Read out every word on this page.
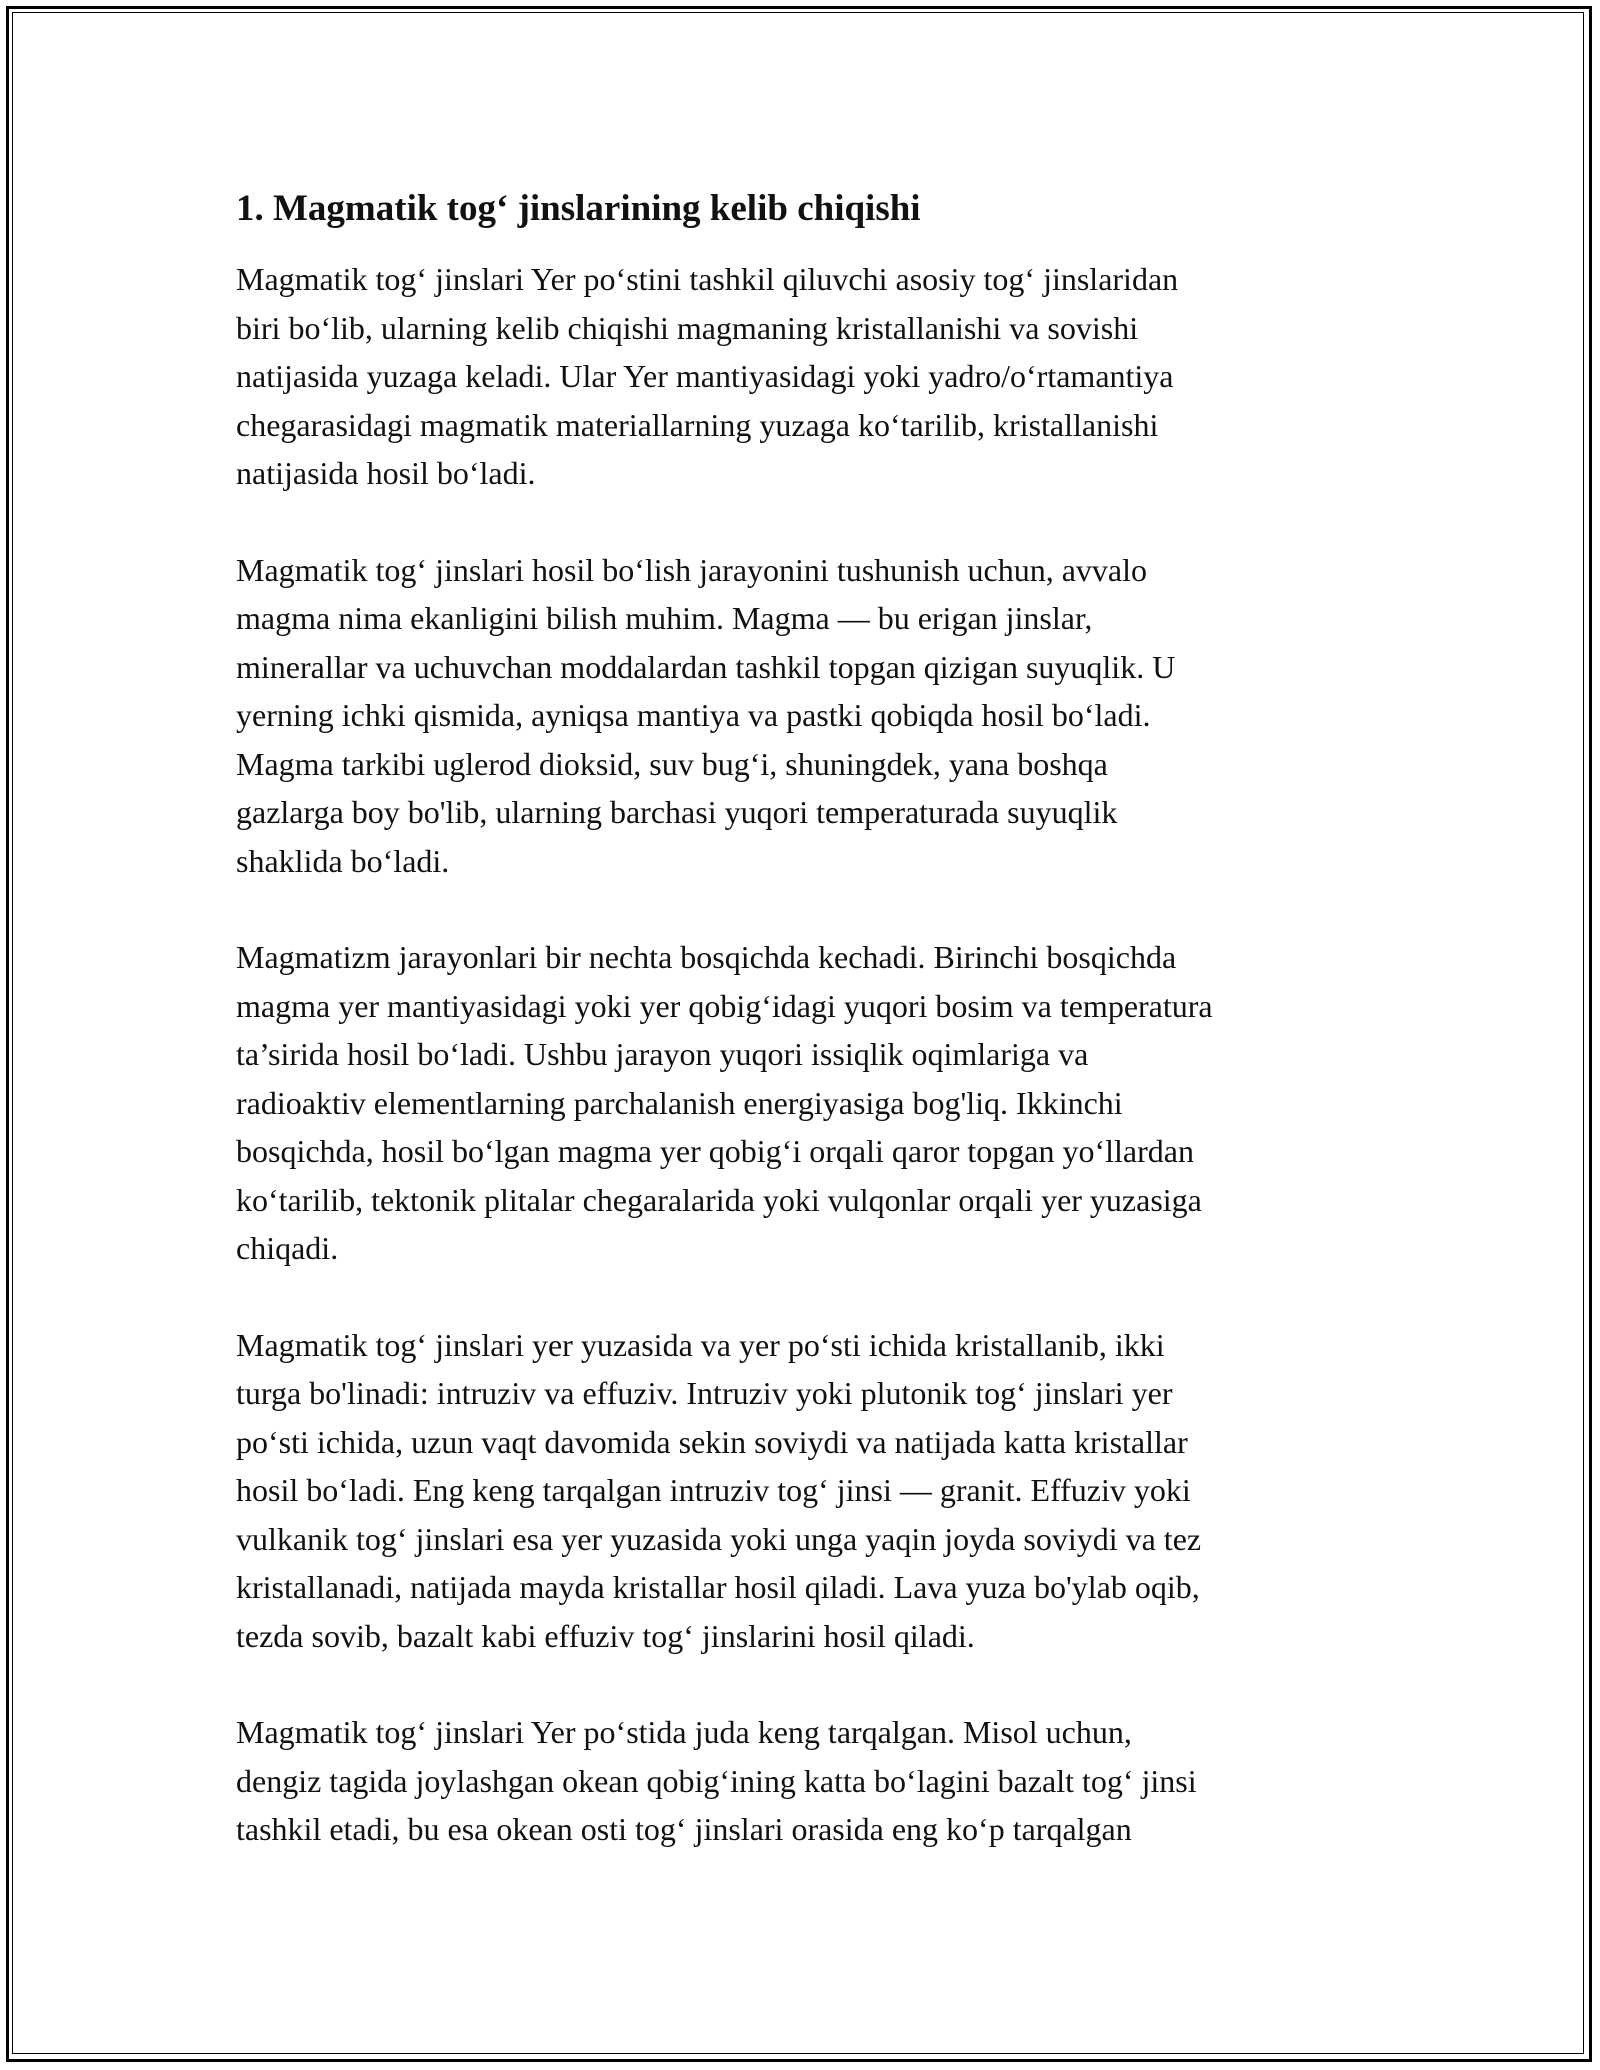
1. Magmatik tog‘ jinslarining kelib chiqishi
Magmatik tog‘ jinslari Yer po‘stini tashkil qiluvchi asosiy tog‘ jinslaridan
biri bo‘lib, ularning kelib chiqishi magmaning kristallanishi va sovishi
natijasida yuzaga keladi. Ular Yer mantiyasidagi yoki yadro/o‘rtamantiya
chegarasidagi magmatik materiallarning yuzaga ko‘tarilib, kristallanishi
natijasida hosil bo‘ladi.
Magmatik tog‘ jinslari hosil bo‘lish jarayonini tushunish uchun, avvalo
magma nima ekanligini bilish muhim. Magma — bu erigan jinslar,
minerallar va uchuvchan moddalardan tashkil topgan qizigan suyuqlik. U
yerning ichki qismida, ayniqsa mantiya va pastki qobiqda hosil bo‘ladi.
Magma tarkibi uglerod dioksid, suv bug‘i, shuningdek, yana boshqa
gazlarga boy bo'lib, ularning barchasi yuqori temperaturada suyuqlik
shaklida bo‘ladi.
Magmatizm jarayonlari bir nechta bosqichda kechadi. Birinchi bosqichda
magma yer mantiyasidagi yoki yer qobig‘idagi yuqori bosim va temperatura
ta’sirida hosil bo‘ladi. Ushbu jarayon yuqori issiqlik oqimlariga va
radioaktiv elementlarning parchalanish energiyasiga bog'liq. Ikkinchi
bosqichda, hosil bo‘lgan magma yer qobig‘i orqali qaror topgan yo‘llardan
ko‘tarilib, tektonik plitalar chegaralarida yoki vulqonlar orqali yer yuzasiga
chiqadi.
Magmatik tog‘ jinslari yer yuzasida va yer po‘sti ichida kristallanib, ikki
turga bo'linadi: intruziv va effuziv. Intruziv yoki plutonik tog‘ jinslari yer
po‘sti ichida, uzun vaqt davomida sekin soviydi va natijada katta kristallar
hosil bo‘ladi. Eng keng tarqalgan intruziv tog‘ jinsi — granit. Effuziv yoki
vulkanik tog‘ jinslari esa yer yuzasida yoki unga yaqin joyda soviydi va tez
kristallanadi, natijada mayda kristallar hosil qiladi. Lava yuza bo'ylab oqib,
tezda sovib, bazalt kabi effuziv tog‘ jinslarini hosil qiladi.
Magmatik tog‘ jinslari Yer po‘stida juda keng tarqalgan. Misol uchun,
dengiz tagida joylashgan okean qobig‘ining katta bo‘lagini bazalt tog‘ jinsi
tashkil etadi, bu esa okean osti tog‘ jinslari orasida eng ko‘p tarqalgan
